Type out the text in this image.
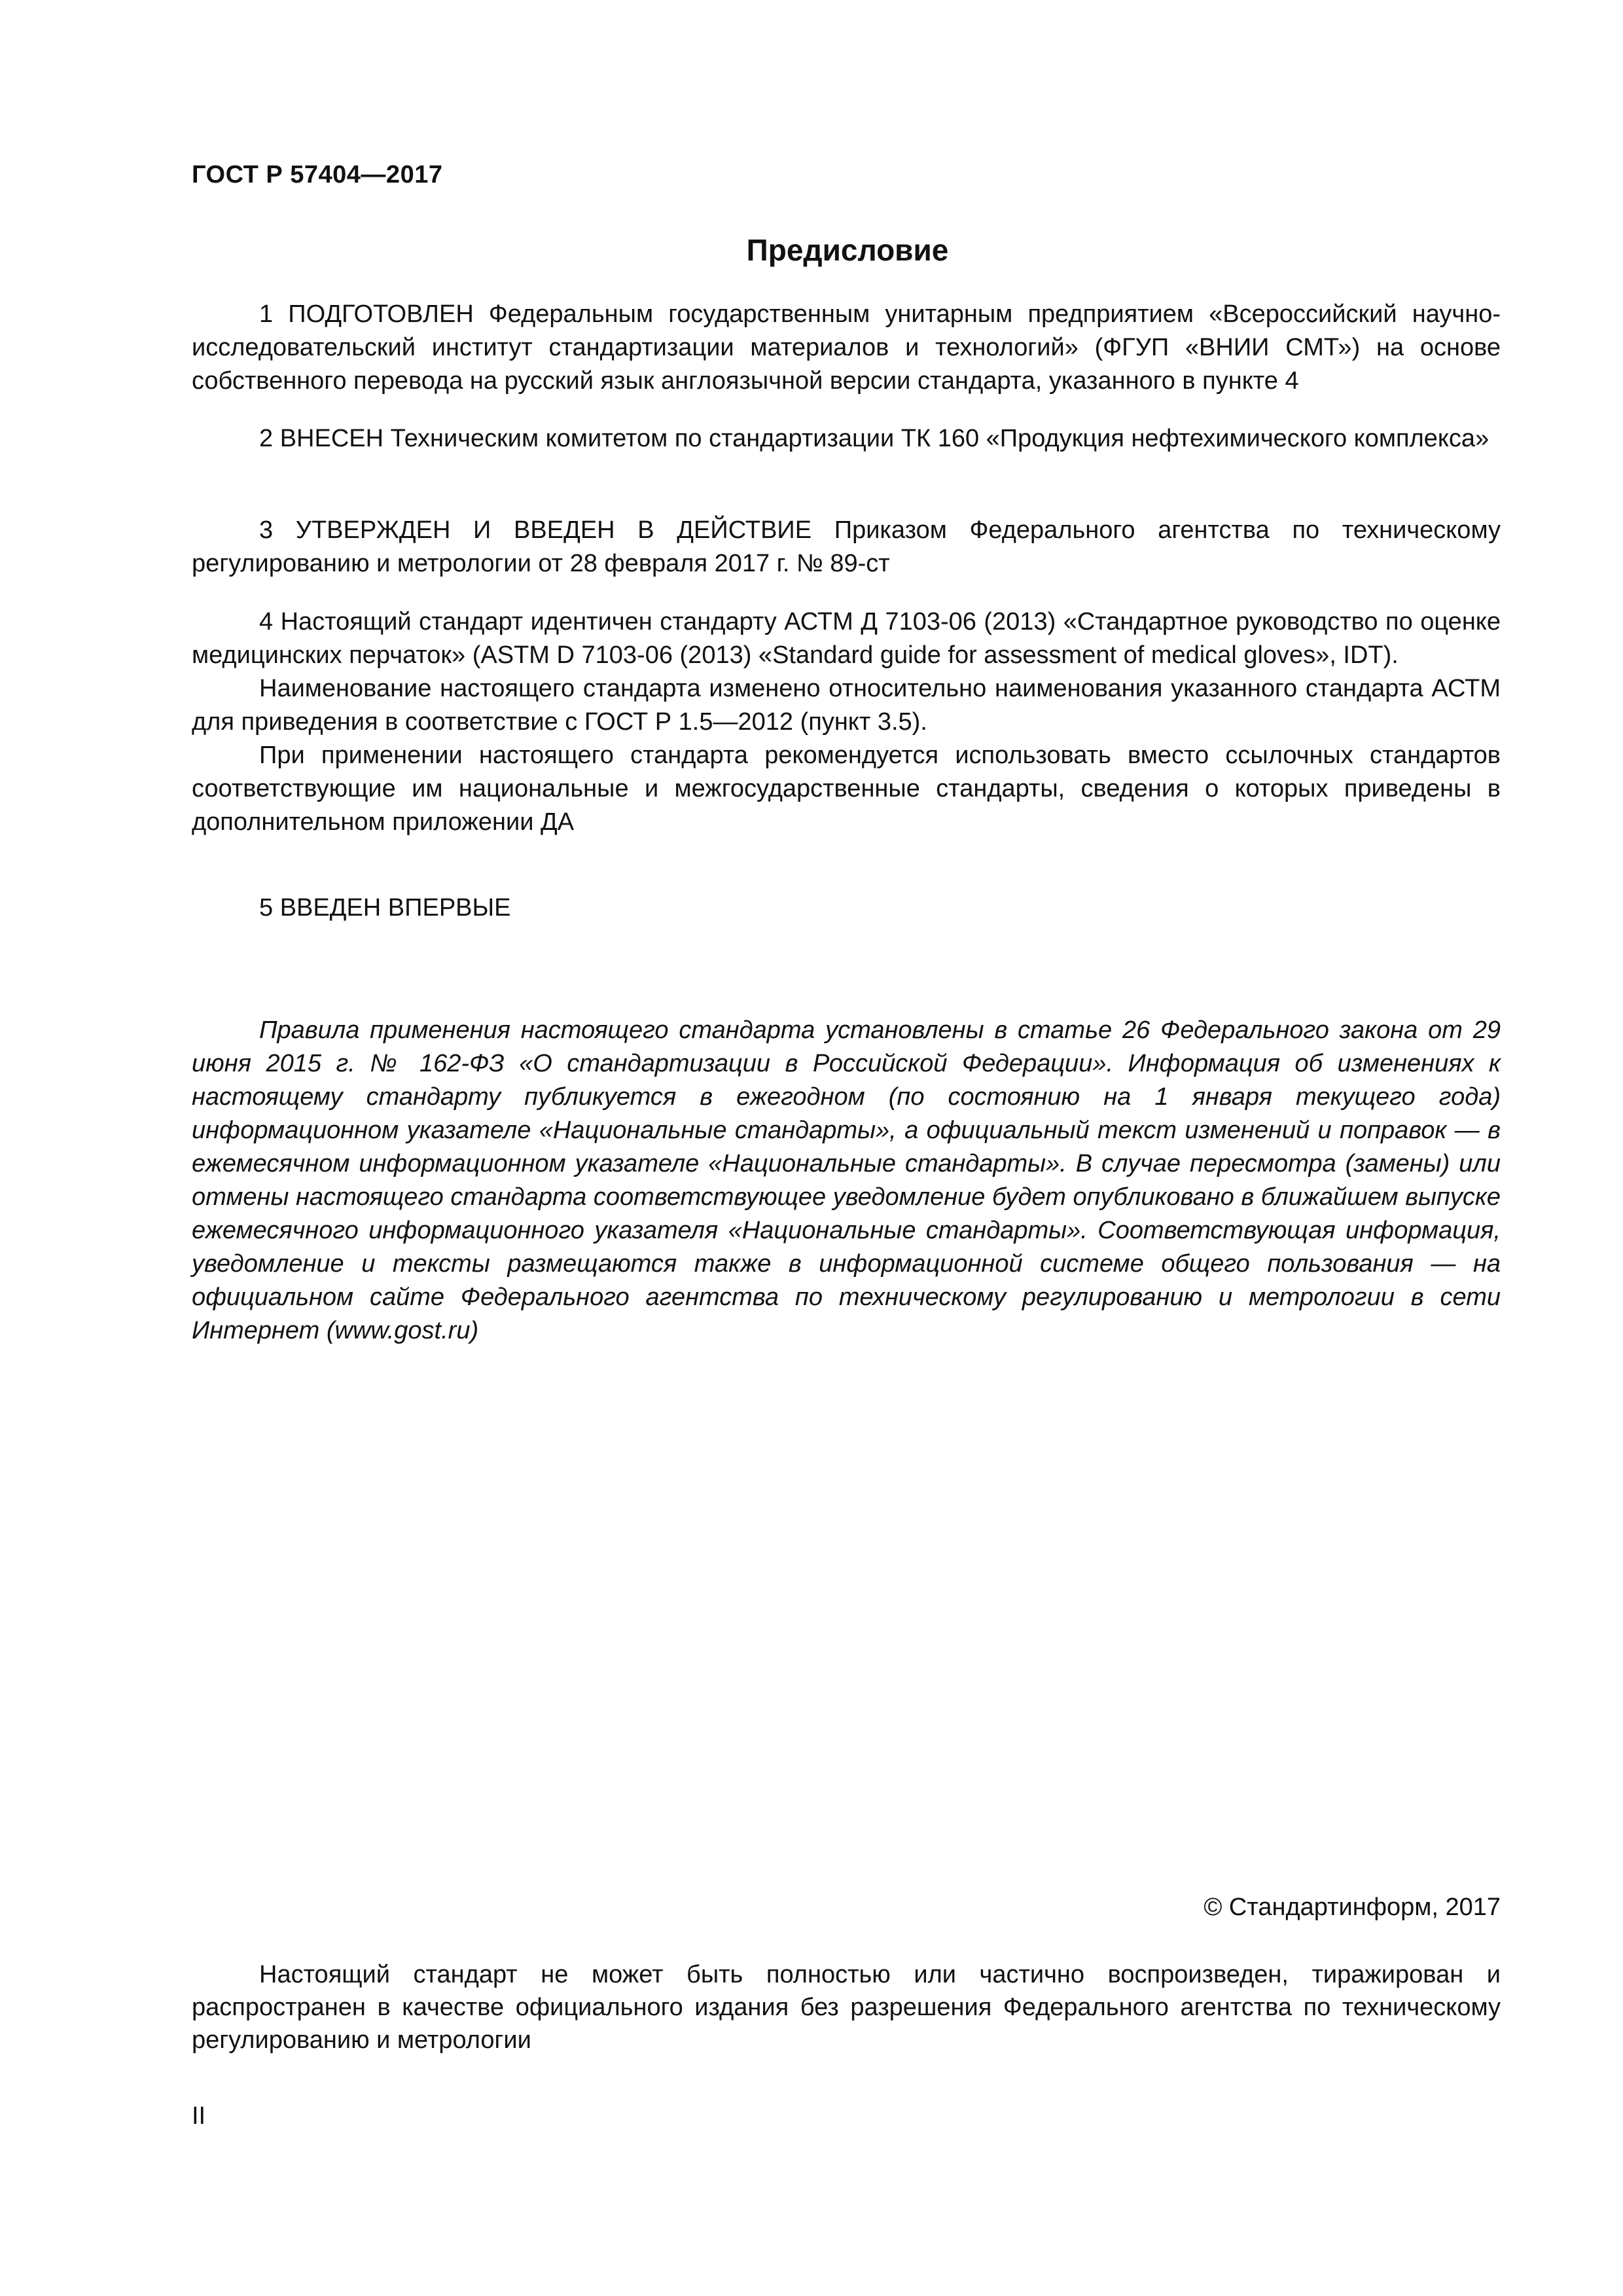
ГОСТ Р 57404—2017
Предисловие

1 ПОДГОТОВЛЕН Федеральным государственным унитарным предприятием «Всероссийский научно-исследовательский институт стандартизации материалов и технологий» (ФГУП «ВНИИ СМТ») на основе собственного перевода на русский язык англоязычной версии стандарта, указанного в пункте 4

2 ВНЕСЕН Техническим комитетом по стандартизации ТК 160 «Продукция нефтехимического комплекса»

3 УТВЕРЖДЕН И ВВЕДЕН В ДЕЙСТВИЕ Приказом Федерального агентства по техническому регулированию и метрологии от 28 февраля 2017 г. № 89-ст

4 Настоящий стандарт идентичен стандарту АСТМ Д 7103-06 (2013) «Стандартное руководство по оценке медицинских перчаток» (ASTM D 7103-06 (2013) «Standard guide for assessment of medical gloves», IDT).

Наименование настоящего стандарта изменено относительно наименования указанного стандарта АСТМ для приведения в соответствие с ГОСТ Р 1.5—2012 (пункт 3.5).

При применении настоящего стандарта рекомендуется использовать вместо ссылочных стандартов соответствующие им национальные и межгосударственные стандарты, сведения о которых приведены в дополнительном приложении ДА

5 ВВЕДЕН ВПЕРВЫЕ

Правила применения настоящего стандарта установлены в статье 26 Федерального закона от 29 июня 2015 г. № 162-ФЗ «О стандартизации в Российской Федерации». Информация об изменениях к настоящему стандарту публикуется в ежегодном (по состоянию на 1 января текущего года) информационном указателе «Национальные стандарты», а официальный текст изменений и поправок — в ежемесячном информационном указателе «Национальные стандарты». В случае пересмотра (замены) или отмены настоящего стандарта соответствующее уведомление будет опубликовано в ближайшем выпуске ежемесячного информационного указателя «Национальные стандарты». Соответствующая информация, уведомление и тексты размещаются также в информационной системе общего пользования — на официальном сайте Федерального агентства по техническому регулированию и метрологии в сети Интернет (www.gost.ru)

© Стандартинформ, 2017

Настоящий стандарт не может быть полностью или частично воспроизведен, тиражирован и распространен в качестве официального издания без разрешения Федерального агентства по техническому регулированию и метрологии

II
